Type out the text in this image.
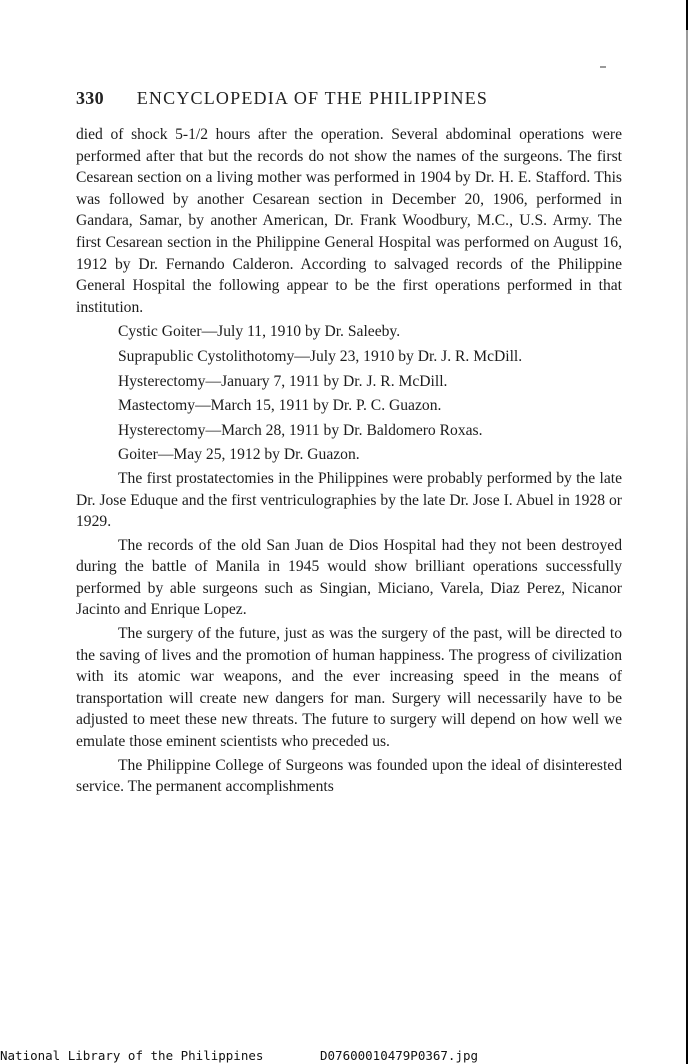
330 ENCYCLOPEDIA OF THE PHILIPPINES

died of shock 5-1/2 hours after the operation. Several abdominal operations were performed after that but the records do not show the names of the surgeons. The first Cesarean section on a living mother was performed in 1904 by Dr. H. E. Stafford. This was followed by another Cesarean section in December 20, 1906, performed in Gandara, Samar, by another American, Dr. Frank Woodbury, M.C., U.S. Army. The first Cesarean section in the Philippine General Hospital was performed on August 16, 1912 by Dr. Fernando Calderon. According to salvaged records of the Philippine General Hospital the following appear to be the first operations performed in that institution.

Cystic Goiter—July 11, 1910 by Dr. Saleeby.

Suprapublic Cystolithotomy—July 23, 1910 by Dr. J. R. McDill.

Hysterectomy—January 7, 1911 by Dr. J. R. McDill.

Mastectomy—March 15, 1911 by Dr. P. C. Guazon.

Hysterectomy—March 28, 1911 by Dr. Baldomero Roxas.

Goiter—May 25, 1912 by Dr. Guazon.

The first prostatectomies in the Philippines were probably performed by the late Dr. Jose Eduque and the first ventriculographies by the late Dr. Jose I. Abuel in 1928 or 1929.

The records of the old San Juan de Dios Hospital had they not been destroyed during the battle of Manila in 1945 would show brilliant operations successfully performed by able surgeons such as Singian, Miciano, Varela, Diaz Perez, Nicanor Jacinto and Enrique Lopez.

The surgery of the future, just as was the surgery of the past, will be directed to the saving of lives and the promotion of human happiness. The progress of civilization with its atomic war weapons, and the ever increasing speed in the means of transportation will create new dangers for man. Surgery will necessarily have to be adjusted to meet these new threats. The future to surgery will depend on how well we emulate those eminent scientists who preceded us.

The Philippine College of Surgeons was founded upon the ideal of disinterested service. The permanent accomplishments

National Library of the Philippines	D07600010479P0367.jpg
